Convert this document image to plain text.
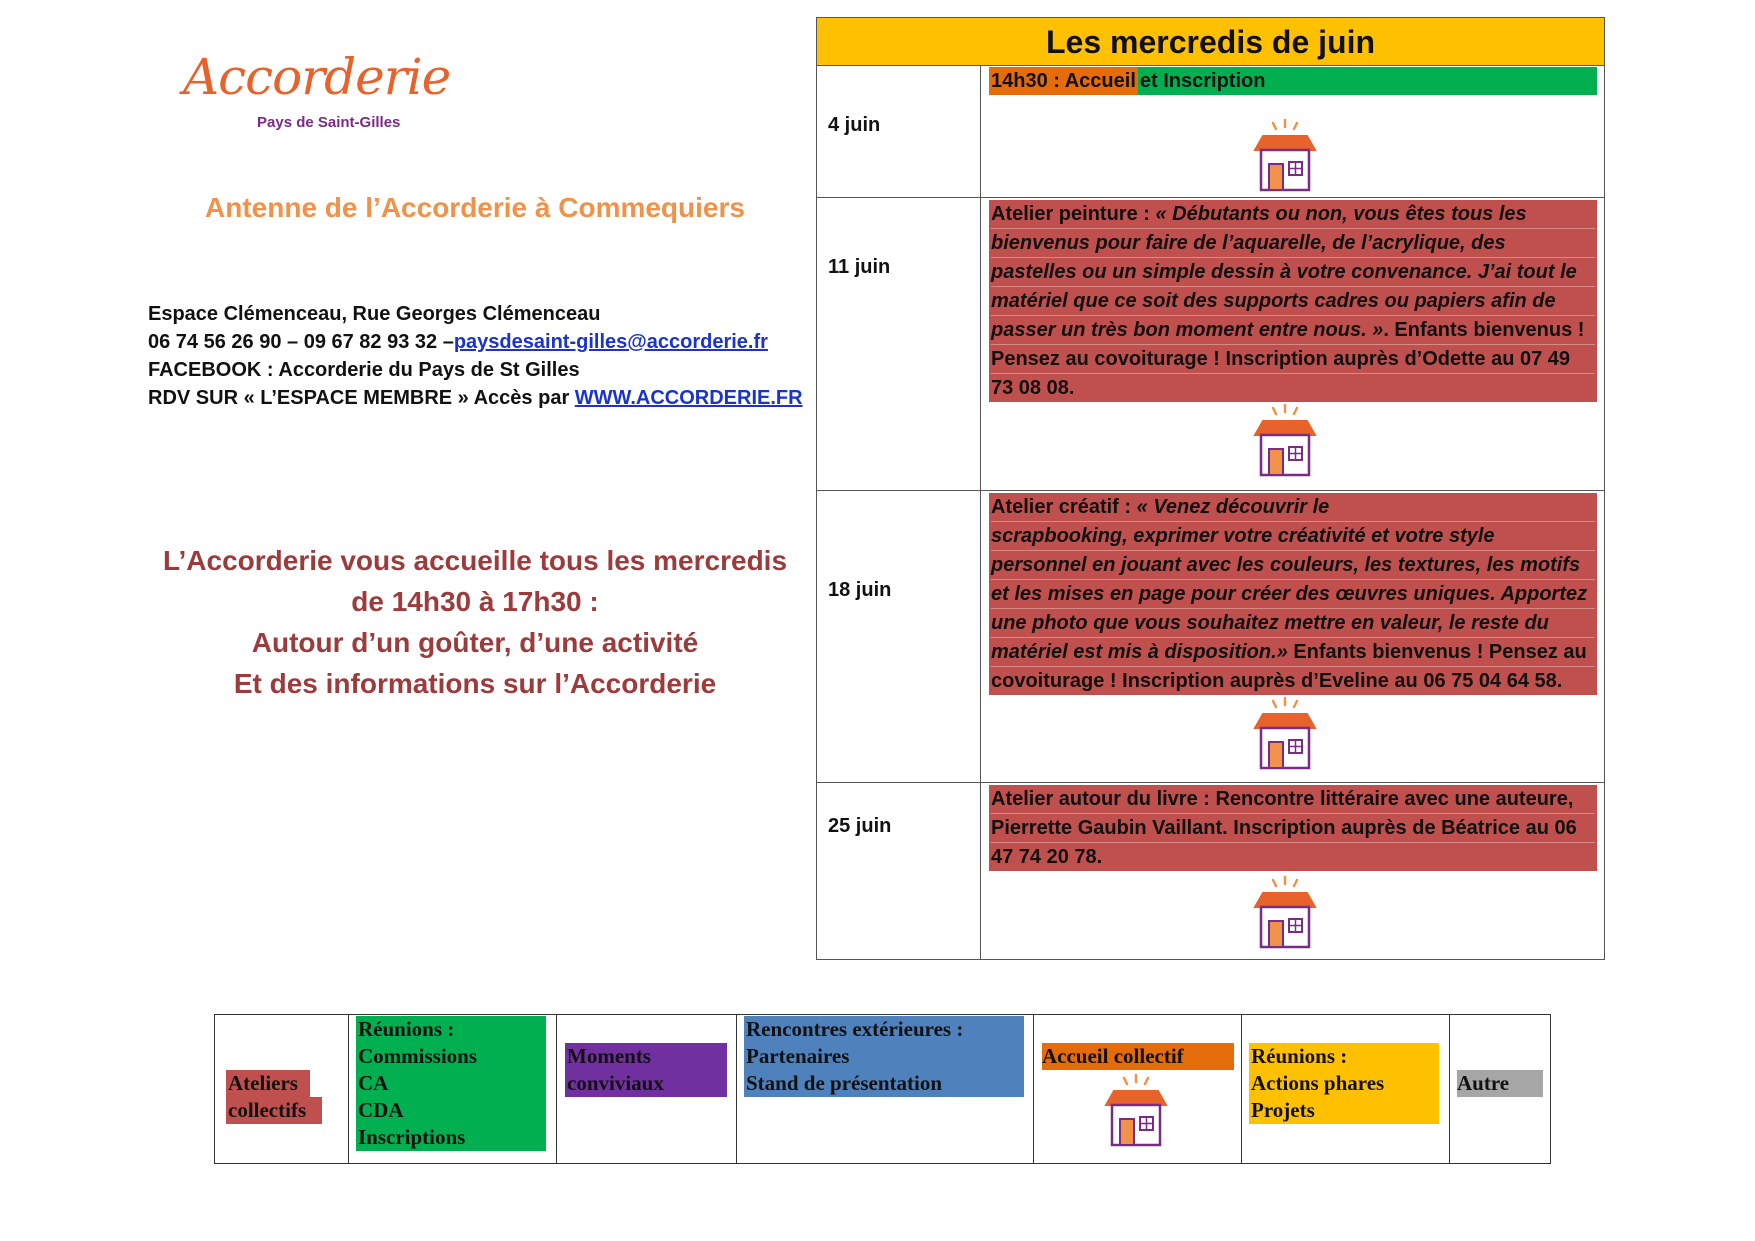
Accorderie
Pays de Saint-Gilles
Antenne de l’Accorderie à Commequiers
Espace Clémenceau, Rue Georges Clémenceau
06 74 56 26 90 – 09 67 82 93 32 –paysdesaint-gilles@accorderie.fr
FACEBOOK : Accorderie du Pays de St Gilles
RDV SUR « L’ESPACE MEMBRE » Accès par WWW.ACCORDERIE.FR
L’Accorderie vous accueille tous les mercredis
de 14h30 à 17h30 :
Autour d’un goûter, d’une activité
Et des informations sur l’Accorderie
Les mercredis de juin
4 juin
14h30 : Accueil et Inscription
11 juin
Atelier peinture : « Débutants ou non, vous êtes tous les
bienvenus pour faire de l’aquarelle, de l’acrylique, des
pastelles ou un simple dessin à votre convenance. J’ai tout le
matériel que ce soit des supports cadres ou papiers afin de
passer un très bon moment entre nous. ». Enfants bienvenus !
Pensez au covoiturage ! Inscription auprès d’Odette au 07 49
73 08 08.
18 juin
Atelier créatif : « Venez découvrir le
scrapbooking, exprimer votre créativité et votre style
personnel en jouant avec les couleurs, les textures, les motifs
et les mises en page pour créer des œuvres uniques. Apportez
une photo que vous souhaitez mettre en valeur, le reste du
matériel est mis à disposition.» Enfants bienvenus ! Pensez au
covoiturage ! Inscription auprès d’Eveline au 06 75 04 64 58.
25 juin
Atelier autour du livre : Rencontre littéraire avec une auteure,
Pierrette Gaubin Vaillant. Inscription auprès de Béatrice au 06
47 74 20 78.
Ateliers
collectifs
Réunions :
Commissions
CA
CDA
Inscriptions
Moments
conviviaux
Rencontres extérieures :
Partenaires
Stand de présentation
Accueil collectif	Réunions :
Actions phares
Projets
Autre
